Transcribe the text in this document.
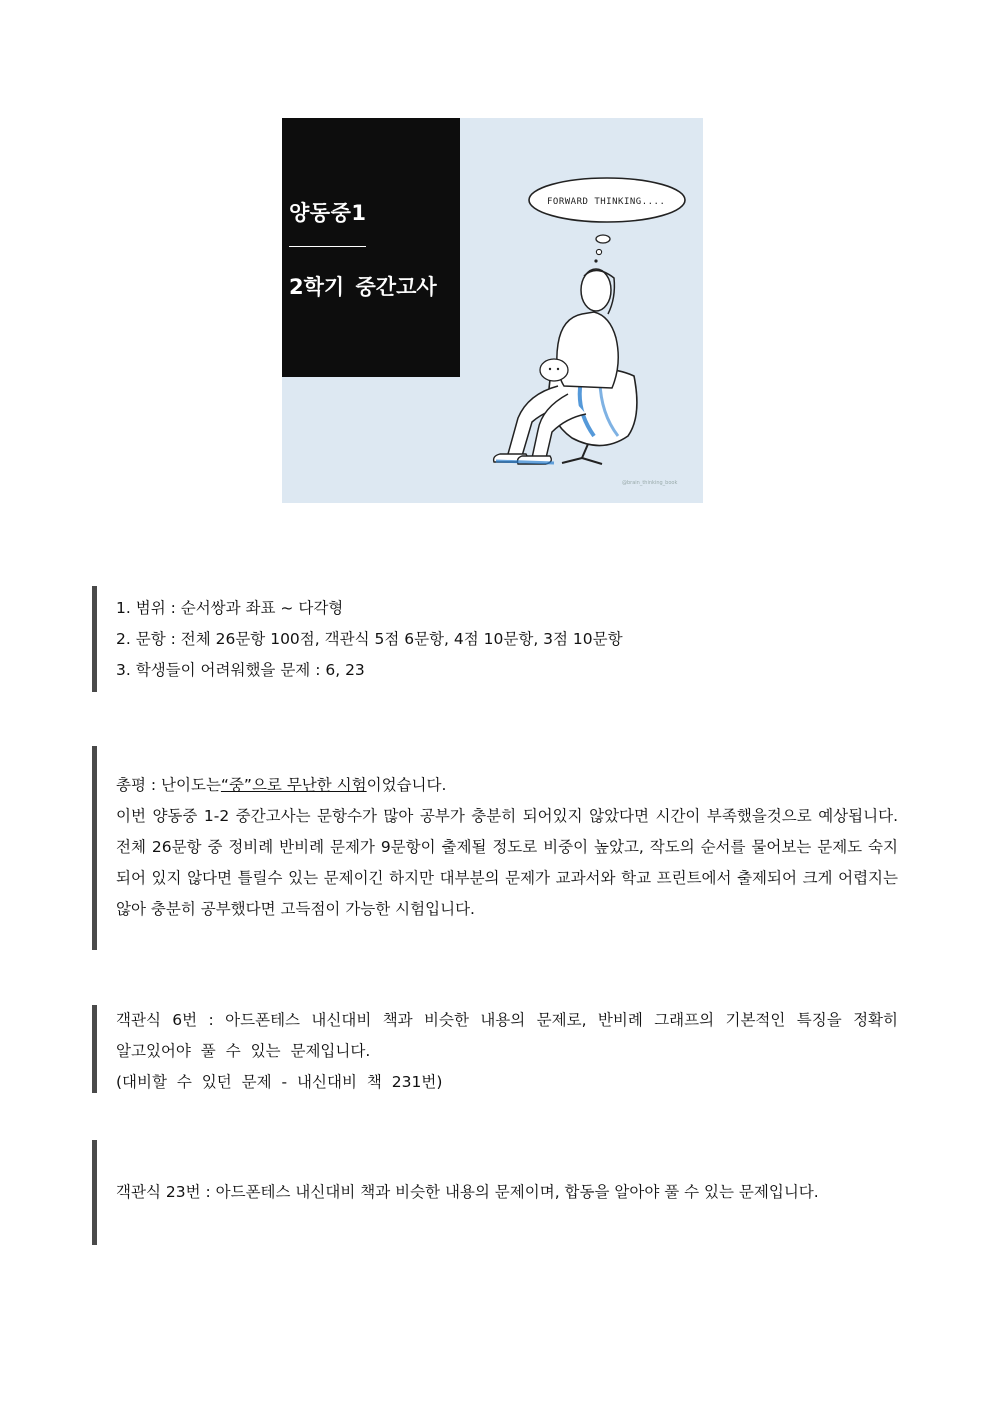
FORWARD THINKING....
@brain_thinking_book
양동중1
2학기 중간고사

1. 범위 : 순서쌍과 좌표 ~ 다각형

2. 문항 : 전체 26문항 100점, 객관식 5점 6문항, 4점 10문항, 3점 10문항

3. 학생들이 어려워했을 문제 : 6, 23

총평 : 난이도는“중”으로 무난한 시험이었습니다.

이번 양동중 1-2 중간고사는 문항수가 많아 공부가 충분히 되어있지 않았다면 시간이 부족했을것으로 예상됩니다. 전체 26문항 중 정비례 반비례 문제가 9문항이 출제될 정도로 비중이 높았고, 작도의 순서를 물어보는 문제도 숙지되어 있지 않다면 틀릴수 있는 문제이긴 하지만 대부분의 문제가 교과서와 학교 프린트에서 출제되어 크게 어렵지는 않아 충분히 공부했다면 고득점이 가능한 시험입니다.

객관식 6번 : 아드폰테스 내신대비 책과 비슷한 내용의 문제로, 반비례 그래프의 기본적인 특징을 정확히 알고있어야 풀 수 있는 문제입니다.

(대비할 수 있던 문제 - 내신대비 책 231번)

객관식 23번 : 아드폰테스 내신대비 책과 비슷한 내용의 문제이며, 합동을 알아야 풀 수 있는 문제입니다.
